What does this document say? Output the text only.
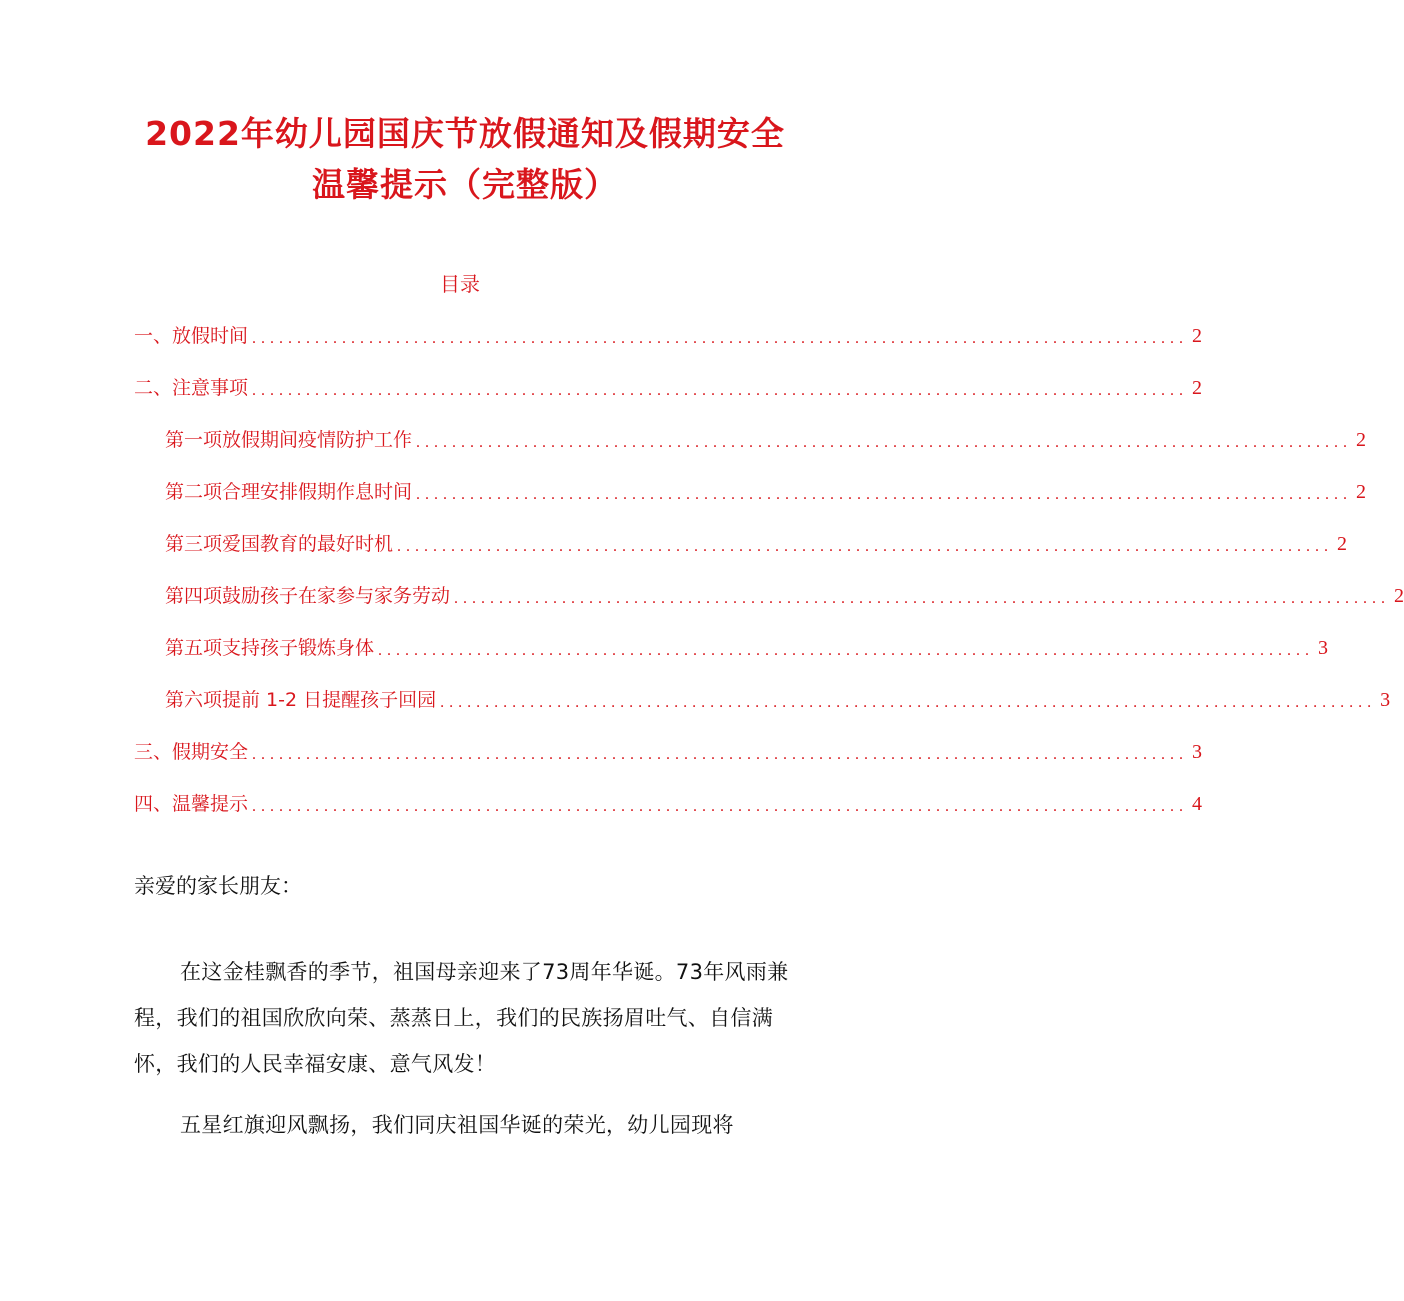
2022年幼儿园国庆节放假通知及假期安全
温馨提示（完整版）
目录
一、放假时间 ........................................................................................................ 2
二、注意事项 ........................................................................................................ 2
第一项放假期间疫情防护工作 ........................................................................................................ 2
第二项合理安排假期作息时间 ........................................................................................................ 2
第三项爱国教育的最好时机 ........................................................................................................ 2
第四项鼓励孩子在家参与家务劳动 ........................................................................................................ 2
第五项支持孩子锻炼身体 ........................................................................................................ 3
第六项提前 1-2 日提醒孩子回园 ........................................................................................................ 3
三、假期安全 ........................................................................................................ 3
四、温馨提示 ........................................................................................................ 4
亲爱的家长朋友：
在这金桂飘香的季节，祖国母亲迎来了73周年华诞。73年风雨兼程，我们的祖国欣欣向荣、蒸蒸日上，我们的民族扬眉吐气、自信满怀，我们的人民幸福安康、意气风发！
五星红旗迎风飘扬，我们同庆祖国华诞的荣光，幼儿园现将
